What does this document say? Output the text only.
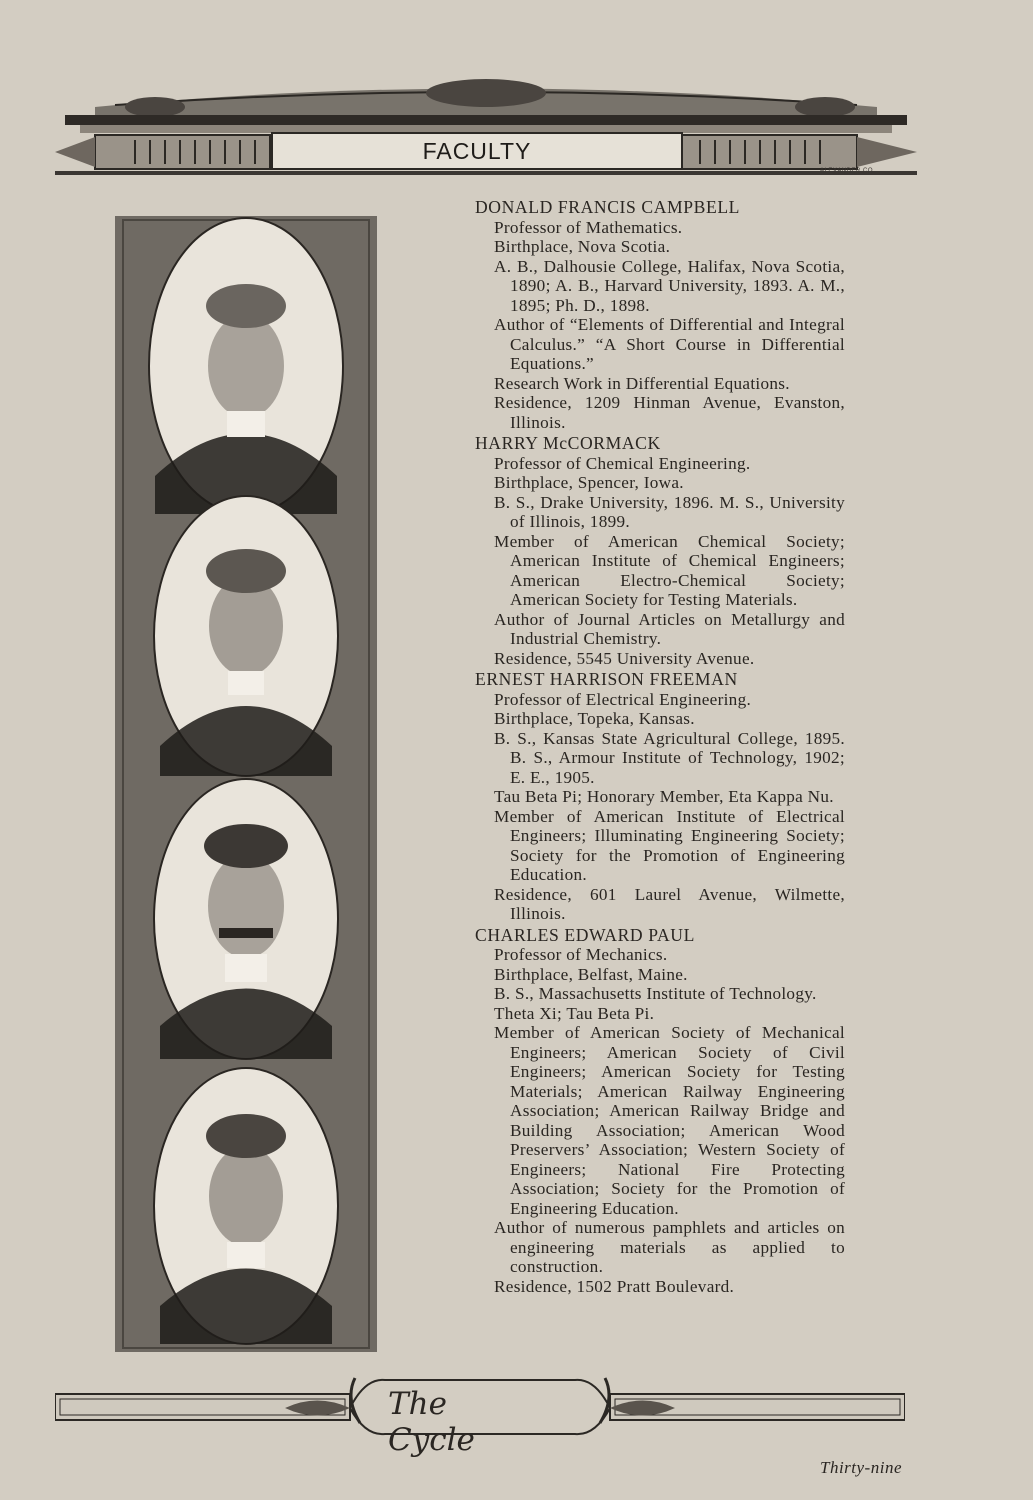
FACULTY
ALEXANDER CO.
DONALD FRANCIS CAMPBELL

Professor of Mathematics.

Birthplace, Nova Scotia.

A. B., Dalhousie College, Halifax, Nova Scotia, 1890; A. B., Harvard University, 1893. A. M., 1895; Ph. D., 1898.

Author of “Elements of Differential and Integral Calculus.” “A Short Course in Differential Equations.”

Research Work in Differential Equations.

Residence, 1209 Hinman Avenue, Evanston, Illinois.

HARRY McCORMACK

Professor of Chemical Engineering.

Birthplace, Spencer, Iowa.

B. S., Drake University, 1896. M. S., University of Illinois, 1899.

Member of American Chemical Society; American Institute of Chemical Engineers; American Electro-Chemical Society; American Society for Testing Materials.

Author of Journal Articles on Metallurgy and Industrial Chemistry.

Residence, 5545 University Avenue.

ERNEST HARRISON FREEMAN

Professor of Electrical Engineering.

Birthplace, Topeka, Kansas.

B. S., Kansas State Agricultural College, 1895. B. S., Armour Institute of Technology, 1902; E. E., 1905.

Tau Beta Pi; Honorary Member, Eta Kappa Nu.

Member of American Institute of Electrical Engineers; Illuminating Engineering Society; Society for the Promotion of Engineering Education.

Residence, 601 Laurel Avenue, Wilmette, Illinois.

CHARLES EDWARD PAUL

Professor of Mechanics.

Birthplace, Belfast, Maine.

B. S., Massachusetts Institute of Technology.

Theta Xi; Tau Beta Pi.

Member of American Society of Mechanical Engineers; American Society of Civil Engineers; American Society for Testing Materials; American Railway Engineering Association; American Railway Bridge and Building Association; American Wood Preservers’ Association; Western Society of Engineers; National Fire Protecting Association; Society for the Promotion of Engineering Education.

Author of numerous pamphlets and articles on engineering materials as applied to construction.

Residence, 1502 Pratt Boulevard.

The Cycle
Thirty-nine
